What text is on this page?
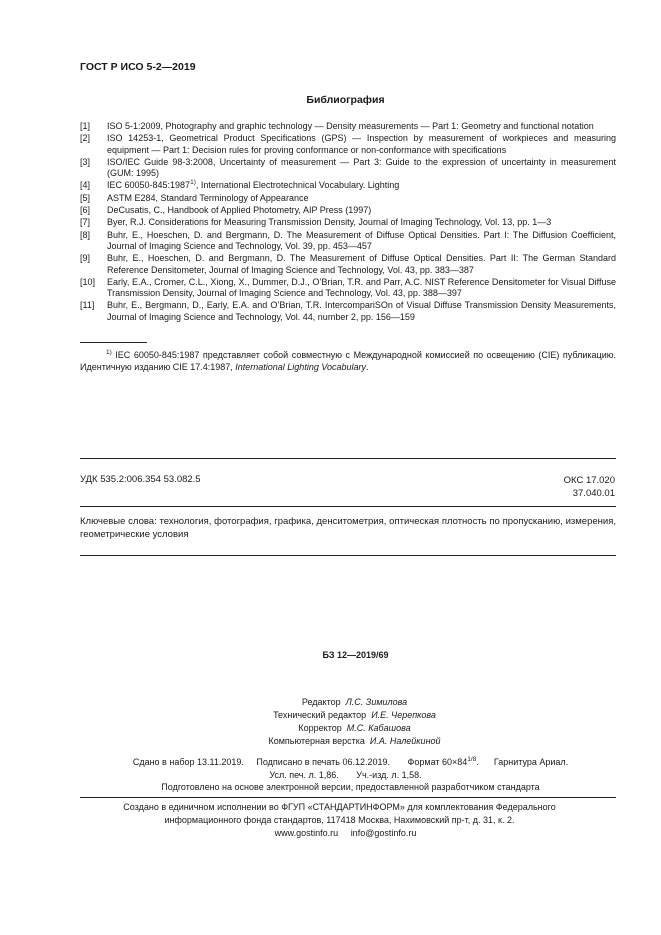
ГОСТ Р ИСО 5-2—2019
Библиография
[1]	ISO 5-1:2009, Photography and graphic technology — Density measurements — Part 1: Geometry and functional notation
[2]	ISO 14253-1, Geometrical Product Specifications (GPS) — Inspection by measurement of workpieces and measuring equipment — Part 1: Decision rules for proving conformance or non-conformance with specifications
[3]	ISO/IEC Guide 98-3:2008, Uncertainty of measurement — Part 3: Guide to the expression of uncertainty in measurement (GUM: 1995)
[4]	IEC 60050-845:1987$^{1)}$, International Electrotechnical Vocabulary. Lighting
[5]	ASTM E284, Standard Terminology of Appearance
[6]	DeCusatis, C., Handbook of Applied Photometry, AIP Press (1997)
[7]	Byer, R.J. Considerations for Measuring Transmission Density, Journal of Imaging Technology, Vol. 13, pp. 1—3
[8]	Buhr, E., Hoeschen, D. and Bergmann, D. The Measurement of Diffuse Optical Densities. Part I: The Diffusion Coefficient, Journal of Imaging Science and Technology, Vol. 39, pp. 453—457
[9]	Buhr, E., Hoeschen, D. and Bergmann, D. The Measurement of Diffuse Optical Densities. Part II: The German Standard Reference Densitometer, Journal of Imaging Science and Technology, Vol. 43, pp. 383—387
[10]	Early, E.A., Cromer, C.L., Xiong, X., Dummer, D.J., O’Brian, T.R. and Parr, A.C. NIST Reference Densitometer for Visual Diffuse Transmission Density, Journal of Imaging Science and Technology, Vol. 43, pp. 388—397
[11]	Buhr, E., Bergmann, D., Early, E.A. and O’Brian, T.R. IntercompariSOn of Visual Diffuse Transmission Density Measurements, Journal of Imaging Science and Technology, Vol. 44, number 2, pp. 156—159
$^{1)}$ IEC 60050-845:1987 представляет собой совместную с Международной комиссией по освещению (CIE) публикацию. Идентичную изданию CIE 17.4:1987, International Lighting Vocabulary.
УДК 535.2:006.354 53.082.5	ОКС 17.020
37.040.01
Ключевые слова: технология, фотография, графика, денситометрия, оптическая плотность по пропусканию, измерения, геометрические условия
БЗ 12—2019/69
Редактор Л.С. Зимилова
Технический редактор И.Е. Черепкова
Корректор М.С. Кабашова
Компьютерная верстка И.А. Налейкиной
Сдано в набор 13.11.2019. Подписано в печать 06.12.2019. Формат $60\times 84^{1/8}$. Гарнитура Ариал.
Усл. печ. л. 1,86. Уч.-изд. л. 1,58.
Подготовлено на основе электронной версии, предоставленной разработчиком стандарта
Создано в единичном исполнении во ФГУП «СТАНДАРТИНФОРМ» для комплектования Федерального
информационного фонда стандартов, 117418 Москва, Нахимовский пр-т, д. 31, к. 2.
www.gostinfo.ru info@gostinfo.ru
